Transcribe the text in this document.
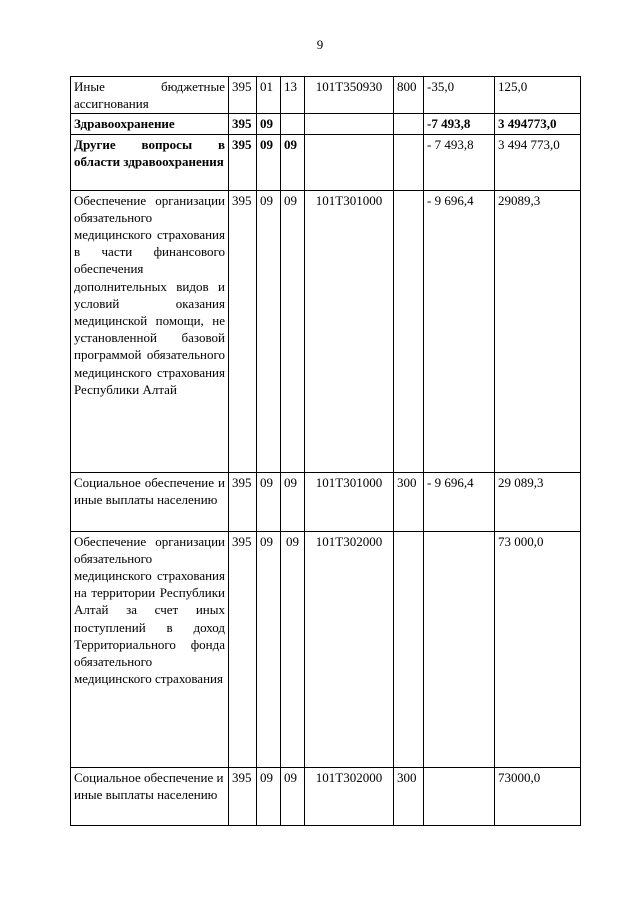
9
Иные бюджетные ассигнования	395	01	13	101Т350930	800	-35,0	125,0
Здравоохранение	395	09				-7 493,8	3 494773,0
Другие вопросы в области здравоохранения	395	09	09			- 7 493,8	3 494 773,0
Обеспечение организации обязательного медицинского страхования в части финансового обеспечения дополнительных видов и условий оказания медицинской помощи, не установленной базовой программой обязательного медицинского страхования Республики Алтай	395	09	09	101Т301000		- 9 696,4	29089,3
Социальное обеспечение и иные выплаты населению	395	09	09	101Т301000	300	- 9 696,4	29 089,3
Обеспечение организации обязательного медицинского страхования на территории Республики Алтай за счет иных поступлений в доход Территориального фонда обязательного медицинского страхования	395	09	09	101Т302000			73 000,0
Социальное обеспечение и иные выплаты населению	395	09	09	101Т302000	300		73000,0
